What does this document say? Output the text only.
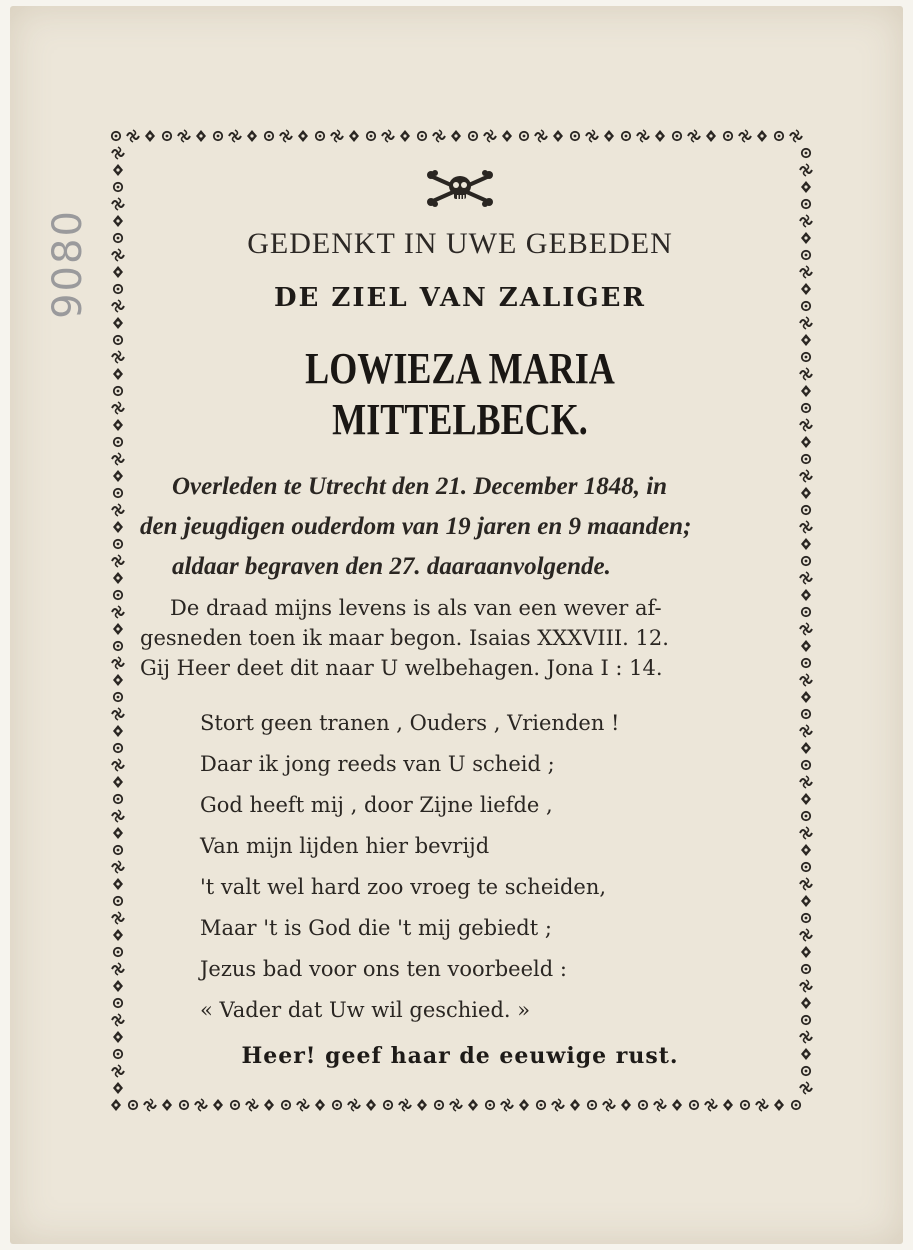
9080	GEDENKT IN UWE GEBEDEN
DE ZIEL VAN ZALIGER
LOWIEZA MARIA MITTELBECK.
Overleden te Utrecht den 21. December 1848, in
den jeugdigen ouderdom van 19 jaren en 9 maanden;
aldaar begraven den 27. daaraanvolgende.
De draad mijns levens is als van een wever af-
gesneden toen ik maar begon. Isaias XXXVIII. 12.
Gij Heer deet dit naar U welbehagen. Jona I : 14.
Stort geen tranen , Ouders , Vrienden !
Daar ik jong reeds van U scheid ;
God heeft mij , door Zijne liefde ,
Van mijn lijden hier bevrijd
't valt wel hard zoo vroeg te scheiden,
Maar 't is God die 't mij gebiedt ;
Jezus bad voor ons ten voorbeeld :
« Vader dat Uw wil geschied. »
Heer! geef haar de eeuwige rust.
